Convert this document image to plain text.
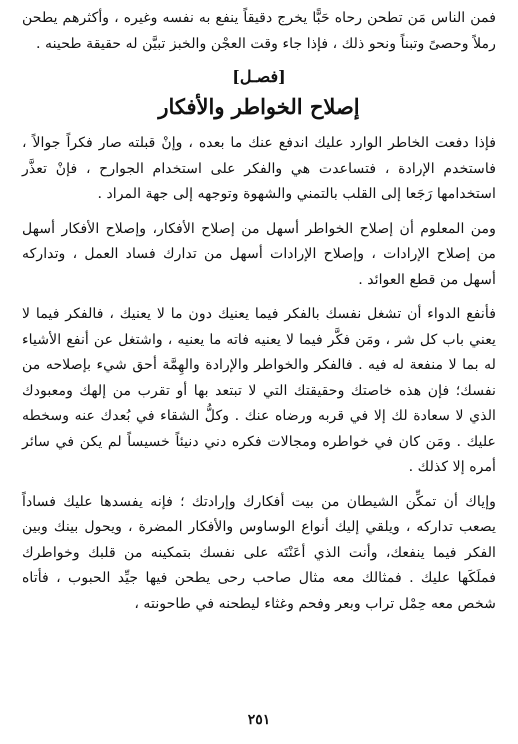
فمن الناس مَن تطحن رحاه حَبًّا يخرج دقيقاً ينفع به نفسه وغيره ، وأكثرهم يطحن رملاً وحصىً وتبناً ونحو ذلك ، فإذا جاء وقت العجْن والخبز تبيَّن له حقيقة طحينه .

[فصـل]
إصلاح الخواطر والأفكار

فإذا دفعت الخاطر الوارد عليك اندفع عنك ما بعده ، وإنْ قبلته صار فكراً جوالاً ، فاستخدم الإرادة ، فتساعدت هي والفكر على استخدام الجوارح ، فإنْ تعذَّر استخدامها رَجَعا إلى القلب بالتمني والشهوة وتوجهه إلى جهة المراد .

ومن المعلوم أن إصلاح الخواطر أسهل من إصلاح الأفكار، وإصلاح الأفكار أسهل من إصلاح الإرادات ، وإصلاح الإرادات أسهل من تدارك فساد العمل ، وتداركه أسهل من قطع العوائد .

فأنفع الدواء أن تشغل نفسك بالفكر فيما يعنيك دون ما لا يعنيك ، فالفكر فيما لا يعني باب كل شر ، ومَن فكَّر فيما لا يعنيه فاته ما يعنيه ، واشتغل عن أنفع الأشياء له بما لا منفعة له فيه . فالفكر والخواطر والإرادة والهِمَّة أحق شيء بإصلاحه من نفسك؛ فإن هذه خاصتك وحقيقتك التي لا تبتعد بها أو تقرب من إلهك ومعبودك الذي لا سعادة لك إلا في قربه ورضاه عنك . وكلُّ الشقاء في بُعدك عنه وسخطه عليك . ومَن كان في خواطره ومجالات فكره دني دنيئاً خسيساً لم يكن في سائر أمره إلا كذلك .

وإياك أن تمكِّن الشيطان من بيت أفكارك وإرادتك ؛ فإنه يفسدها عليك فساداً يصعب تداركه ، ويلقي إليك أنواع الوساوس والأفكار المضرة ، ويحول بينك وبين الفكر فيما ينفعك، وأنت الذي أعَنْتَه على نفسك بتمكينه من قلبك وخواطرك فملَكَها عليك . فمثالك معه مثال صاحب رحى يطحن فيها جيِّد الحبوب ، فأتاه شخص معه حِمْل تراب وبعر وفحم وغثاء ليطحنه في طاحونته ،

٢٥١
